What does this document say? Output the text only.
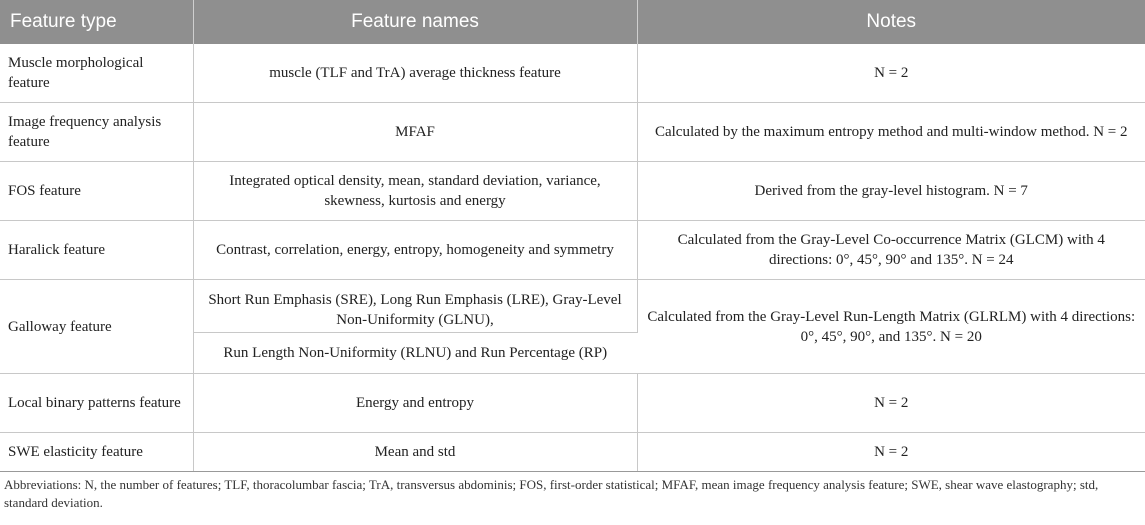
Feature type	Feature names	Notes
Muscle morphological feature	muscle (TLF and TrA) average thickness feature	N = 2
Image frequency analysis feature	MFAF	Calculated by the maximum entropy method and multi-window method. N = 2
FOS feature	Integrated optical density, mean, standard deviation, variance, skewness, kurtosis and energy	Derived from the gray-level histogram. N = 7
Haralick feature	Contrast, correlation, energy, entropy, homogeneity and symmetry	Calculated from the Gray-Level Co-occurrence Matrix (GLCM) with 4 directions: 0°, 45°, 90° and 135°. N = 24
Galloway feature	Short Run Emphasis (SRE), Long Run Emphasis (LRE), Gray-Level Non-Uniformity (GLNU),	Calculated from the Gray-Level Run-Length Matrix (GLRLM) with 4 directions: 0°, 45°, 90°, and 135°. N = 20
	Run Length Non-Uniformity (RLNU) and Run Percentage (RP)	
Local binary patterns feature	Energy and entropy	N = 2
SWE elasticity feature	Mean and std	N = 2
Abbreviations: N, the number of features; TLF, thoracolumbar fascia; TrA, transversus abdominis; FOS, first-order statistical; MFAF, mean image frequency analysis feature; SWE, shear wave elastography; std, standard deviation.
